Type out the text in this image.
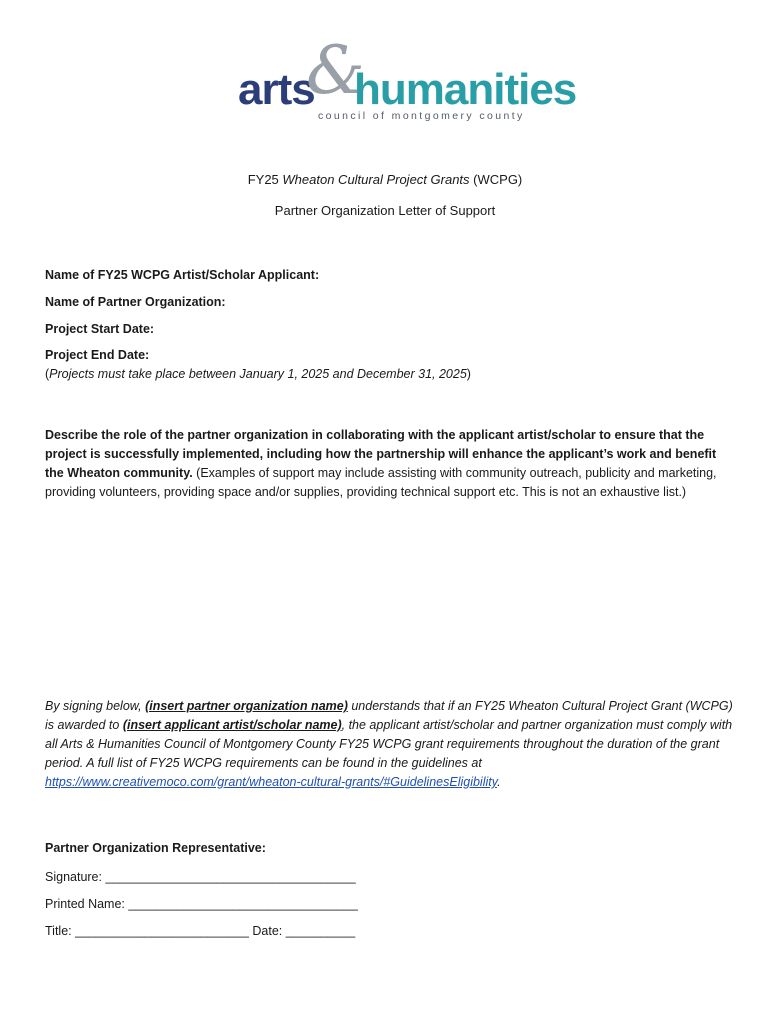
arts
&
humanities
council of montgomery county
FY25 Wheaton Cultural Project Grants (WCPG)
Partner Organization Letter of Support
Name of FY25 WCPG Artist/Scholar Applicant:
Name of Partner Organization:
Project Start Date:
Project End Date:
(Projects must take place between January 1, 2025 and December 31, 2025)
Describe the role of the partner organization in collaborating with the applicant artist/scholar to ensure that the project is successfully implemented, including how the partnership will enhance the applicant’s work and benefit the Wheaton community. (Examples of support may include assisting with community outreach, publicity and marketing, providing volunteers, providing space and/or supplies, providing technical support etc. This is not an exhaustive list.)
By signing below, (insert partner organization name) understands that if an FY25 Wheaton Cultural Project Grant (WCPG) is awarded to (insert applicant artist/scholar name), the applicant artist/scholar and partner organization must comply with all Arts & Humanities Council of Montgomery County FY25 WCPG grant requirements throughout the duration of the grant period. A full list of FY25 WCPG requirements can be found in the guidelines at https://www.creativemoco.com/grant/wheaton-cultural-grants/#GuidelinesEligibility.
Partner Organization Representative:
Signature: ____________________________________
Printed Name: _________________________________
Title: _________________________ Date: __________
